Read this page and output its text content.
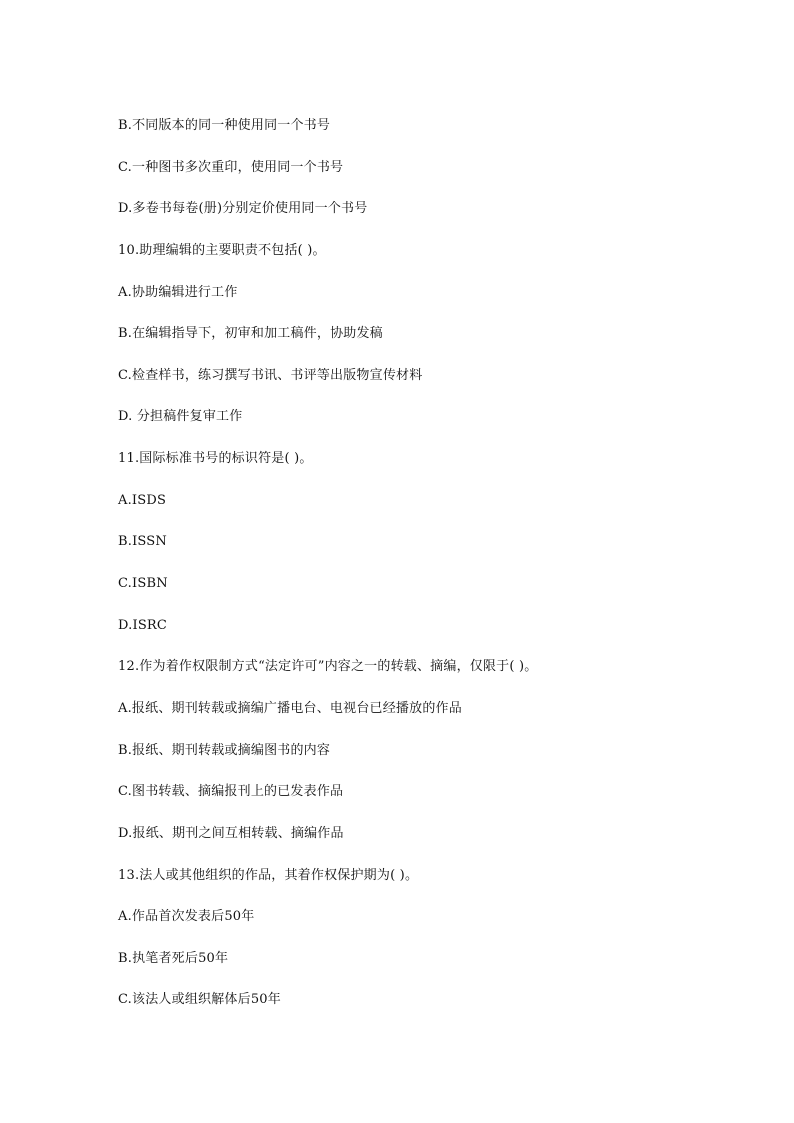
B.不同版本的同一种使用同一个书号
C.一种图书多次重印，使用同一个书号
D.多卷书每卷(册)分别定价使用同一个书号
10.助理编辑的主要职责不包括( )。
A.协助编辑进行工作
B.在编辑指导下，初审和加工稿件，协助发稿
C.检查样书，练习撰写书讯、书评等出版物宣传材料
D. 分担稿件复审工作
11.国际标准书号的标识符是( )。
A.ISDS
B.ISSN
C.ISBN
D.ISRC
12.作为着作权限制方式“法定许可”内容之一的转载、摘编，仅限于( )。
A.报纸、期刊转载或摘编广播电台、电视台已经播放的作品
B.报纸、期刊转载或摘编图书的内容
C.图书转载、摘编报刊上的已发表作品
D.报纸、期刊之间互相转载、摘编作品
13.法人或其他组织的作品，其着作权保护期为( )。
A.作品首次发表后50年
B.执笔者死后50年
C.该法人或组织解体后50年
